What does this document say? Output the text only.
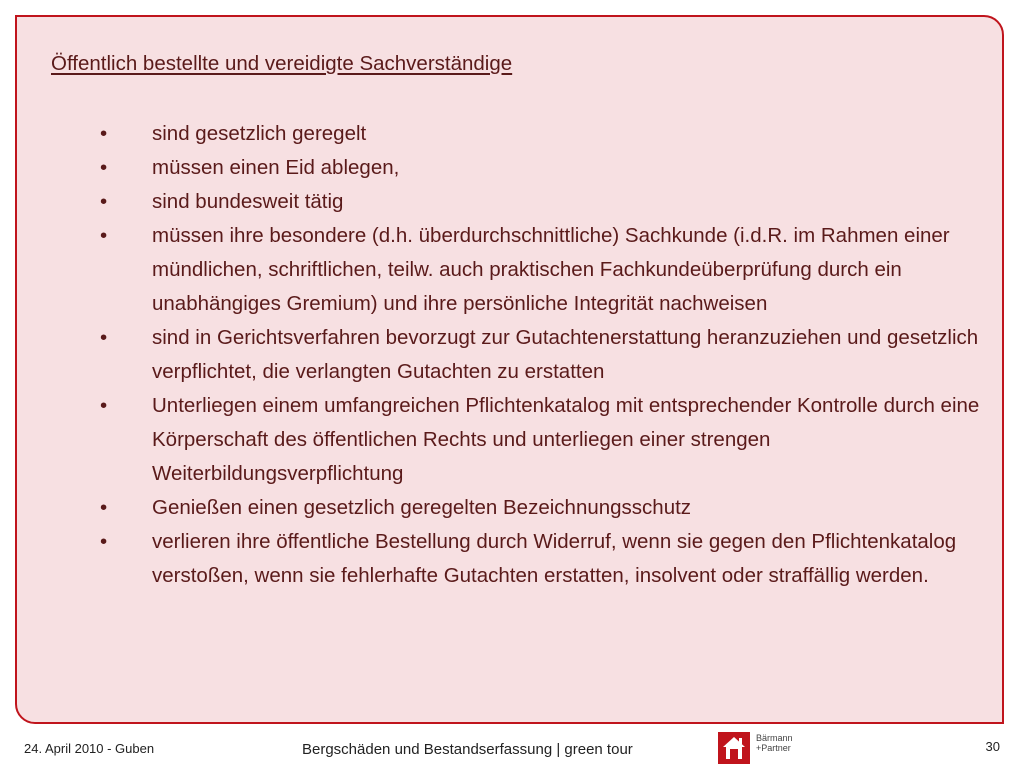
Öffentlich bestellte und vereidigte Sachverständige
•	sind gesetzlich geregelt
•	müssen einen Eid ablegen,
•	sind bundesweit tätig
•	müssen ihre besondere (d.h. überdurchschnittliche) Sachkunde (i.d.R. im Rahmen einer mündlichen, schriftlichen, teilw. auch praktischen Fachkundeüberprüfung durch ein unabhängiges Gremium) und ihre persönliche Integrität nachweisen
•	sind in Gerichtsverfahren bevorzugt zur Gutachtenerstattung heranzuziehen und gesetzlich verpflichtet, die verlangten Gutachten zu erstatten
•	Unterliegen einem umfangreichen Pflichtenkatalog mit entsprechender Kontrolle durch eine Körperschaft des öffentlichen Rechts und unterliegen einer strengen Weiterbildungsverpflichtung
•	Genießen einen gesetzlich geregelten Bezeichnungsschutz
•	verlieren ihre öffentliche Bestellung durch Widerruf, wenn sie gegen den Pflichtenkatalog verstoßen, wenn sie fehlerhafte Gutachten erstatten, insolvent oder straffällig werden.
24. April 2010 - Guben	Bergschäden und Bestandserfassung | green tour
Bärmann
+Partner	30
